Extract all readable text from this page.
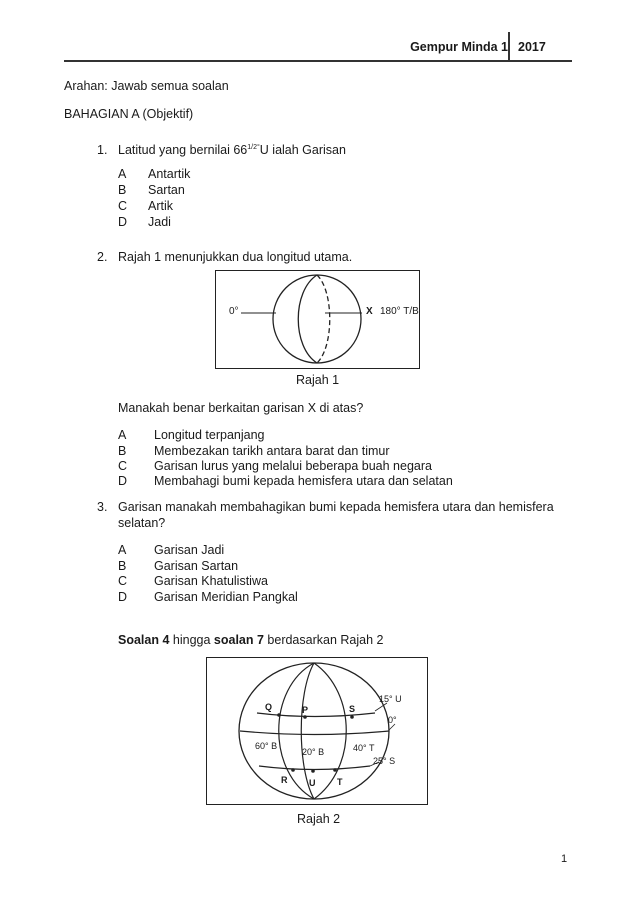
Gempur Minda 1 2017
Arahan: Jawab semua soalan
BAHAGIAN A (Objektif)
1. Latitud yang bernilai $66^{1/2^\circ}U$ ialah Garisan
A Antartik
B Sartan
C Artik
D Jadi
2. Rajah 1 menunjukkan dua longitud utama.
0°	X 180° T/B
Rajah 1
Manakah benar berkaitan garisan X di atas?
A Longitud terpanjang
B Membezakan tarikh antara barat dan timur
C Garisan lurus yang melalui beberapa buah negara
D Membahagi bumi kepada hemisfera utara dan selatan
3. Garisan manakah membahagikan bumi kepada hemisfera utara dan hemisfera
selatan?
A Garisan Jadi
B Garisan Sartan
C Garisan Khatulistiwa
D Garisan Meridian Pangkal
Soalan 4 hingga soalan 7 berdasarkan Rajah 2
Q	P	S
15° U
0°
60° B
20° B	40° T
25° S
R U T
Rajah 2
1
